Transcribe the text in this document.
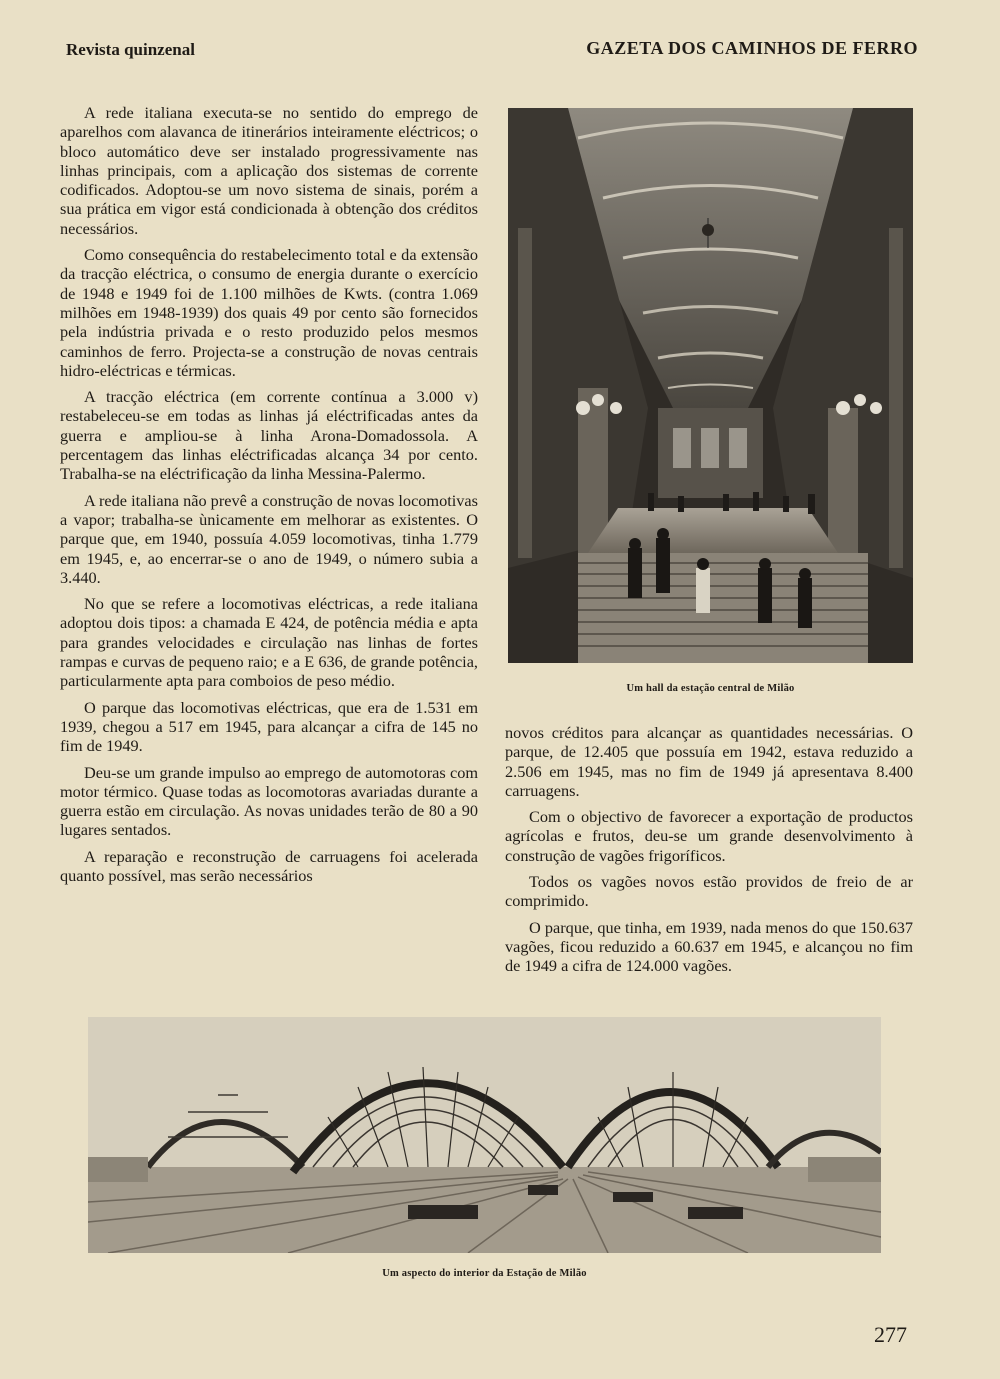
Revista quinzenal	GAZETA DOS CAMINHOS DE FERRO

A rede italiana executa-se no sentido do emprego de aparelhos com alavanca de itinerários inteiramente eléctricos; o bloco automático deve ser instalado progressivamente nas linhas principais, com a aplicação dos sistemas de corrente codificados. Adoptou-se um novo sistema de sinais, porém a sua prática em vigor está condicionada à obtenção dos créditos necessários.

Como consequência do restabelecimento total e da extensão da tracção eléctrica, o consumo de energia durante o exercício de 1948 e 1949 foi de 1.100 milhões de Kwts. (contra 1.069 milhões em 1948-1939) dos quais 49 por cento são fornecidos pela indústria privada e o resto produzido pelos mesmos caminhos de ferro. Projecta-se a construção de novas centrais hidro-eléctricas e térmicas.

A tracção eléctrica (em corrente contínua a 3.000 v) restabeleceu-se em todas as linhas já eléctrificadas antes da guerra e ampliou-se à linha Arona-Domadossola. A percentagem das linhas eléctrificadas alcança 34 por cento. Trabalha-se na eléctrificação da linha Messina-Palermo.

A rede italiana não prevê a construção de novas locomotivas a vapor; trabalha-se ùnicamente em melhorar as existentes. O parque que, em 1940, possuía 4.059 locomotivas, tinha 1.779 em 1945, e, ao encerrar-se o ano de 1949, o número subia a 3.440.

No que se refere a locomotivas eléctricas, a rede italiana adoptou dois tipos: a chamada E 424, de potência média e apta para grandes velocidades e circulação nas linhas de fortes rampas e curvas de pequeno raio; e a E 636, de grande potência, particularmente apta para comboios de peso médio.

O parque das locomotivas eléctricas, que era de 1.531 em 1939, chegou a 517 em 1945, para alcançar a cifra de 145 no fim de 1949.

Deu-se um grande impulso ao emprego de automotoras com motor térmico. Quase todas as locomotoras avariadas durante a guerra estão em circulação. As novas unidades terão de 80 a 90 lugares sentados.

A reparação e reconstrução de carruagens foi acelerada quanto possível, mas serão necessários

Um hall da estação central de Milão

novos créditos para alcançar as quantidades necessárias. O parque, de 12.405 que possuía em 1942, estava reduzido a 2.506 em 1945, mas no fim de 1949 já apresentava 8.400 carruagens.

Com o objectivo de favorecer a exportação de productos agrícolas e frutos, deu-se um grande desenvolvimento à construção de vagões frigoríficos.

Todos os vagões novos estão providos de freio de ar comprimido.

O parque, que tinha, em 1939, nada menos do que 150.637 vagões, ficou reduzido a 60.637 em 1945, e alcançou no fim de 1949 a cifra de 124.000 vagões.

Um aspecto do interior da Estação de Milão
277
